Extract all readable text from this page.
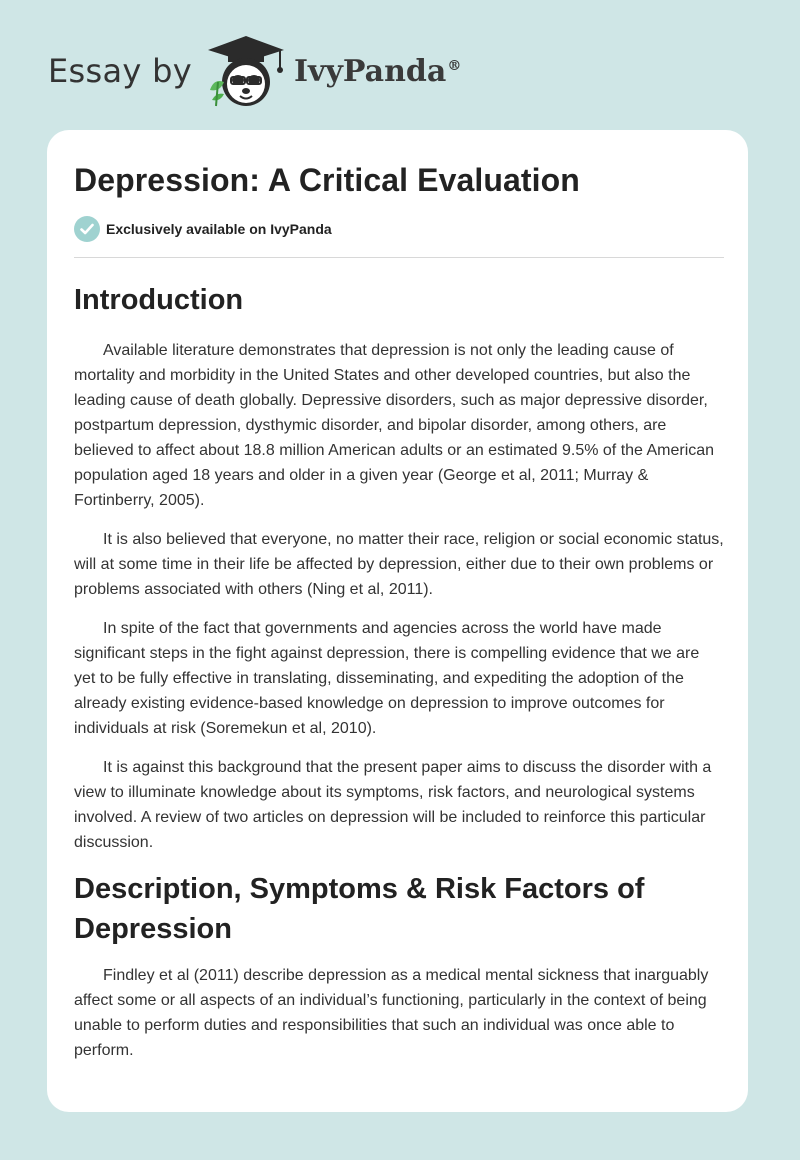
Essay by	IvyPanda®
Depression: A Critical Evaluation
Exclusively available on IvyPanda
Introduction

Available literature demonstrates that depression is not only the leading cause of mortality and morbidity in the United States and other developed countries, but also the leading cause of death globally. Depressive disorders, such as major depressive disorder, postpartum depression, dysthymic disorder, and bipolar disorder, among others, are believed to affect about 18.8 million American adults or an estimated 9.5% of the American population aged 18 years and older in a given year (George et al, 2011; Murray & Fortinberry, 2005).

It is also believed that everyone, no matter their race, religion or social economic status, will at some time in their life be affected by depression, either due to their own problems or problems associated with others (Ning et al, 2011).

In spite of the fact that governments and agencies across the world have made significant steps in the fight against depression, there is compelling evidence that we are yet to be fully effective in translating, disseminating, and expediting the adoption of the already existing evidence-based knowledge on depression to improve outcomes for individuals at risk (Soremekun et al, 2010).

It is against this background that the present paper aims to discuss the disorder with a view to illuminate knowledge about its symptoms, risk factors, and neurological systems involved. A review of two articles on depression will be included to reinforce this particular discussion.

Description, Symptoms & Risk Factors of Depression

Findley et al (2011) describe depression as a medical mental sickness that inarguably affect some or all aspects of an individual’s functioning, particularly in the context of being unable to perform duties and responsibilities that such an individual was once able to perform.
